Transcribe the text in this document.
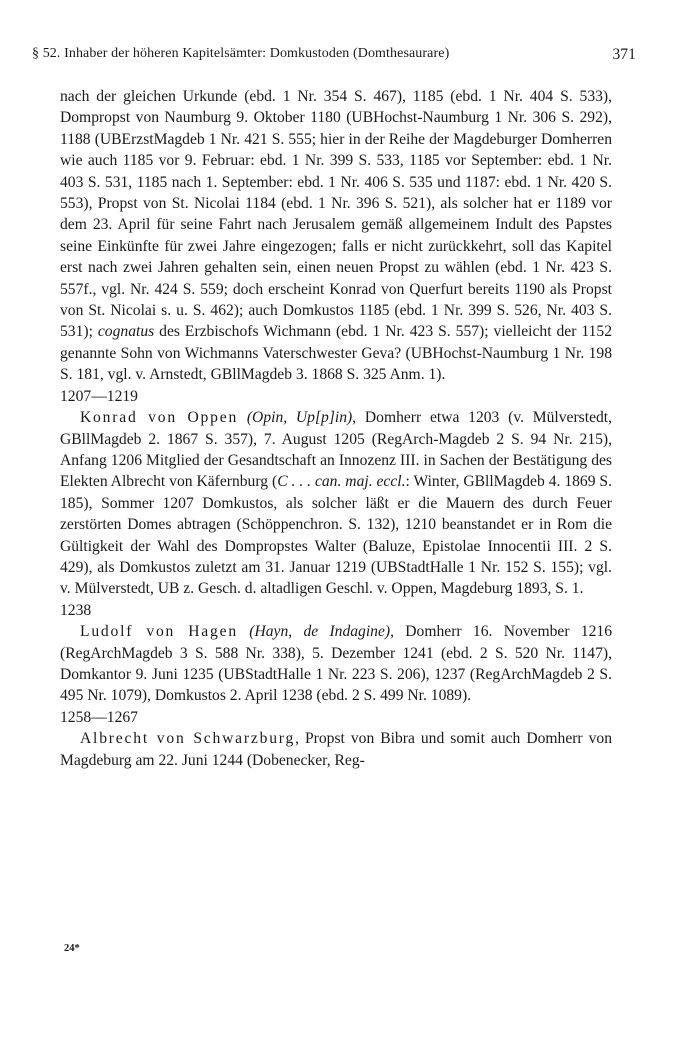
§ 52. Inhaber der höheren Kapitelsämter: Domkustoden (Domthesaurare)	371

nach der gleichen Urkunde (ebd. 1 Nr. 354 S. 467), 1185 (ebd. 1 Nr. 404 S. 533), Dompropst von Naumburg 9. Oktober 1180 (UBHochst-Naumburg 1 Nr. 306 S. 292), 1188 (UBErzstMagdeb 1 Nr. 421 S. 555; hier in der Reihe der Magdeburger Domherren wie auch 1185 vor 9. Februar: ebd. 1 Nr. 399 S. 533, 1185 vor September: ebd. 1 Nr. 403 S. 531, 1185 nach 1. September: ebd. 1 Nr. 406 S. 535 und 1187: ebd. 1 Nr. 420 S. 553), Propst von St. Nicolai 1184 (ebd. 1 Nr. 396 S. 521), als solcher hat er 1189 vor dem 23. April für seine Fahrt nach Jerusalem gemäß allgemeinem Indult des Papstes seine Einkünfte für zwei Jahre eingezogen; falls er nicht zurückkehrt, soll das Kapitel erst nach zwei Jahren gehalten sein, einen neuen Propst zu wählen (ebd. 1 Nr. 423 S. 557f., vgl. Nr. 424 S. 559; doch erscheint Konrad von Querfurt bereits 1190 als Propst von St. Nicolai s. u. S. 462); auch Domkustos 1185 (ebd. 1 Nr. 399 S. 526, Nr. 403 S. 531); cognatus des Erzbischofs Wichmann (ebd. 1 Nr. 423 S. 557); vielleicht der 1152 genannte Sohn von Wichmanns Vaterschwester Geva? (UBHochst-Naumburg 1 Nr. 198 S. 181, vgl. v. Arnstedt, GBllMagdeb 3. 1868 S. 325 Anm. 1).

1207—1219

Konrad von Oppen (Opin, Up[p]in), Domherr etwa 1203 (v. Mülverstedt, GBllMagdeb 2. 1867 S. 357), 7. August 1205 (RegArch-Magdeb 2 S. 94 Nr. 215), Anfang 1206 Mitglied der Gesandtschaft an Innozenz III. in Sachen der Bestätigung des Elekten Albrecht von Käfernburg (C . . . can. maj. eccl.: Winter, GBllMagdeb 4. 1869 S. 185), Sommer 1207 Domkustos, als solcher läßt er die Mauern des durch Feuer zerstörten Domes abtragen (Schöppenchron. S. 132), 1210 beanstandet er in Rom die Gültigkeit der Wahl des Dompropstes Walter (Baluze, Epistolae Innocentii III. 2 S. 429), als Domkustos zuletzt am 31. Januar 1219 (UBStadtHalle 1 Nr. 152 S. 155); vgl. v. Mülverstedt, UB z. Gesch. d. altadligen Geschl. v. Oppen, Magdeburg 1893, S. 1.

1238

Ludolf von Hagen (Hayn, de Indagine), Domherr 16. November 1216 (RegArchMagdeb 3 S. 588 Nr. 338), 5. Dezember 1241 (ebd. 2 S. 520 Nr. 1147), Domkantor 9. Juni 1235 (UBStadtHalle 1 Nr. 223 S. 206), 1237 (RegArchMagdeb 2 S. 495 Nr. 1079), Domkustos 2. April 1238 (ebd. 2 S. 499 Nr. 1089).

1258—1267

Albrecht von Schwarzburg, Propst von Bibra und somit auch Domherr von Magdeburg am 22. Juni 1244 (Dobenecker, Reg-

24*
